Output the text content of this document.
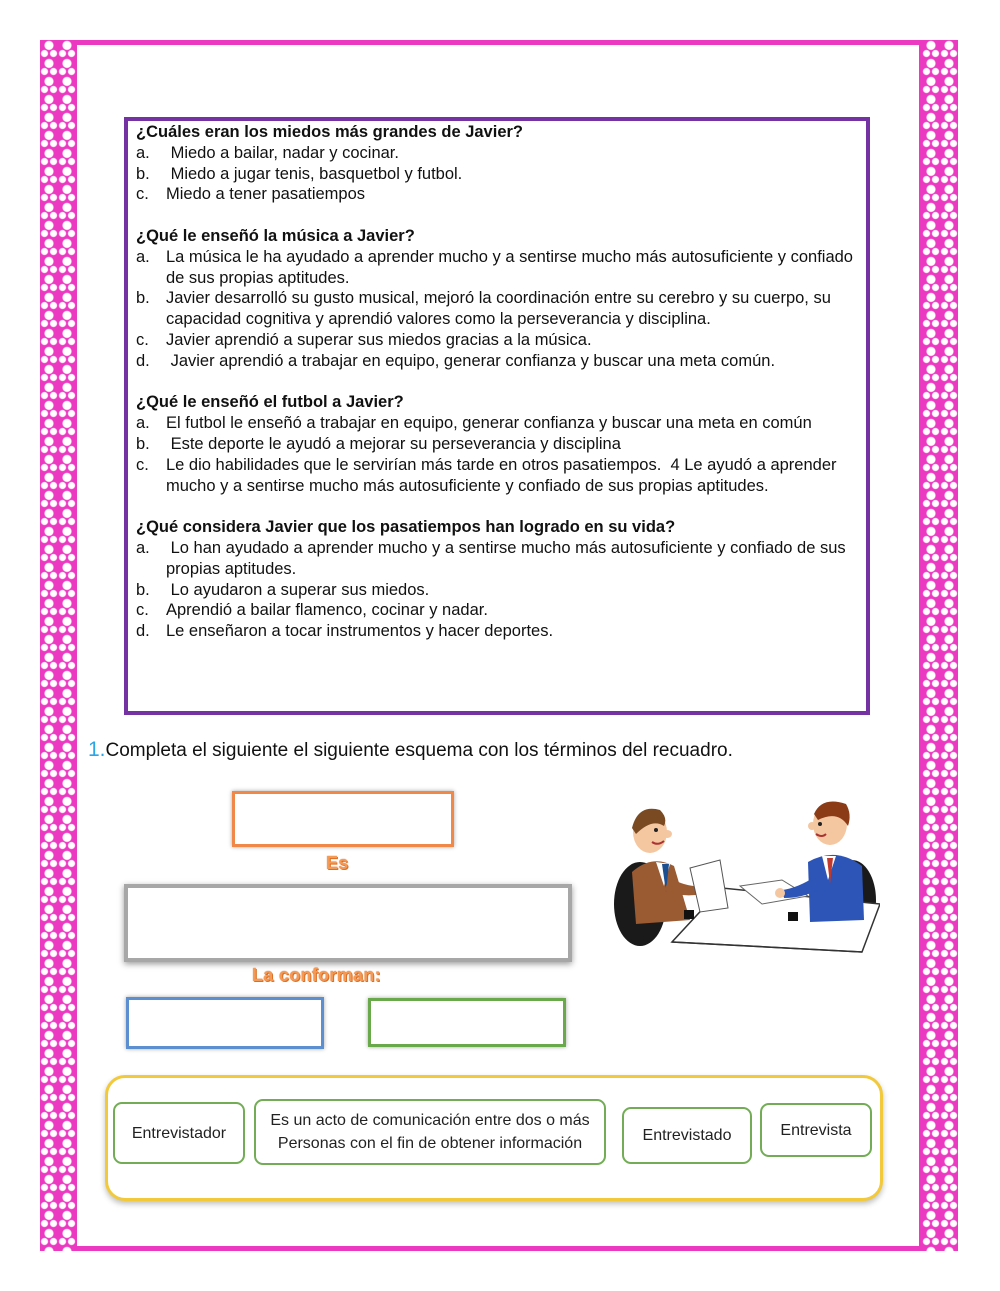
¿Cuáles eran los miedos más grandes de Javier?
a. Miedo a bailar, nadar y cocinar.
b. Miedo a jugar tenis, basquetbol y futbol.
c.	Miedo a tener pasatiempos
¿Qué le enseñó la música a Javier?
a. La música le ha ayudado a aprender mucho y a sentirse mucho más autosuficiente y confiado de sus propias aptitudes.
b. Javier desarrolló su gusto musical, mejoró la coordinación entre su cerebro y su cuerpo, su capacidad cognitiva y aprendió valores como la perseverancia y disciplina.
c.	Javier aprendió a superar sus miedos gracias a la música.
d. Javier aprendió a trabajar en equipo, generar confianza y buscar una meta común.
¿Qué le enseñó el futbol a Javier?
a. El futbol le enseñó a trabajar en equipo, generar confianza y buscar una meta en común
b. Este deporte le ayudó a mejorar su perseverancia y disciplina
c.	Le dio habilidades que le servirían más tarde en otros pasatiempos.  4 Le ayudó a aprender mucho y a sentirse mucho más autosuficiente y confiado de sus propias aptitudes.
¿Qué considera Javier que los pasatiempos han logrado en su vida?
a. Lo han ayudado a aprender mucho y a sentirse mucho más autosuficiente y confiado de sus propias aptitudes.
b. Lo ayudaron a superar sus miedos.
c.	Aprendió a bailar flamenco, cocinar y nadar.
d. Le enseñaron a tocar instrumentos y hacer deportes.
1.Completa el siguiente el siguiente esquema con los términos del recuadro.
Es
La conforman:
Entrevistador
Es un acto de comunicación entre dos o más
Personas con el fin de obtener información	Entrevistado	Entrevista
